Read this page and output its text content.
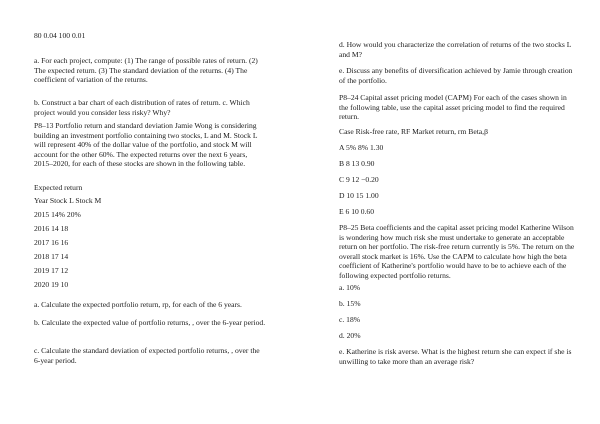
80 0.04 100 0.01

a. For each project, compute: (1) The range of possible rates of return. (2) The expected return. (3) The standard deviation of the returns. (4) The coefficient of variation of the returns.

b. Construct a bar chart of each distribution of rates of return. c. Which project would you consider less risky? Why?

P8–13 Portfolio return and standard deviation Jamie Wong is considering building an investment portfolio containing two stocks, L and M. Stock L will represent 40% of the dollar value of the portfolio, and stock M will account for the other 60%. The expected returns over the next 6 years, 2015–2020, for each of these stocks are shown in the following table.

Expected return

Year Stock L Stock M

2015 14% 20%

2016 14 18

2017 16 16

2018 17 14

2019 17 12

2020 19 10

a. Calculate the expected portfolio return, rp, for each of the 6 years.

b. Calculate the expected value of portfolio returns, , over the 6-year period.

c. Calculate the standard deviation of expected portfolio returns, , over the 6-year period.

d. How would you characterize the correlation of returns of the two stocks L and M?

e. Discuss any benefits of diversification achieved by Jamie through creation of the portfolio.

P8–24 Capital asset pricing model (CAPM) For each of the cases shown in the following table, use the capital asset pricing model to find the required return.

Case Risk-free rate, RF Market return, rm Beta,β

A 5% 8% 1.30

B 8 13 0.90

C 9 12 −0.20

D 10 15 1.00

E 6 10 0.60

P8–25 Beta coefficients and the capital asset pricing model Katherine Wilson is wondering how much risk she must undertake to generate an acceptable return on her portfolio. The risk-free return currently is 5%. The return on the overall stock market is 16%. Use the CAPM to calculate how high the beta coefficient of Katherine's portfolio would have to be to achieve each of the following expected portfolio returns.

a. 10%

b. 15%

c. 18%

d. 20%

e. Katherine is risk averse. What is the highest return she can expect if she is unwilling to take more than an average risk?
